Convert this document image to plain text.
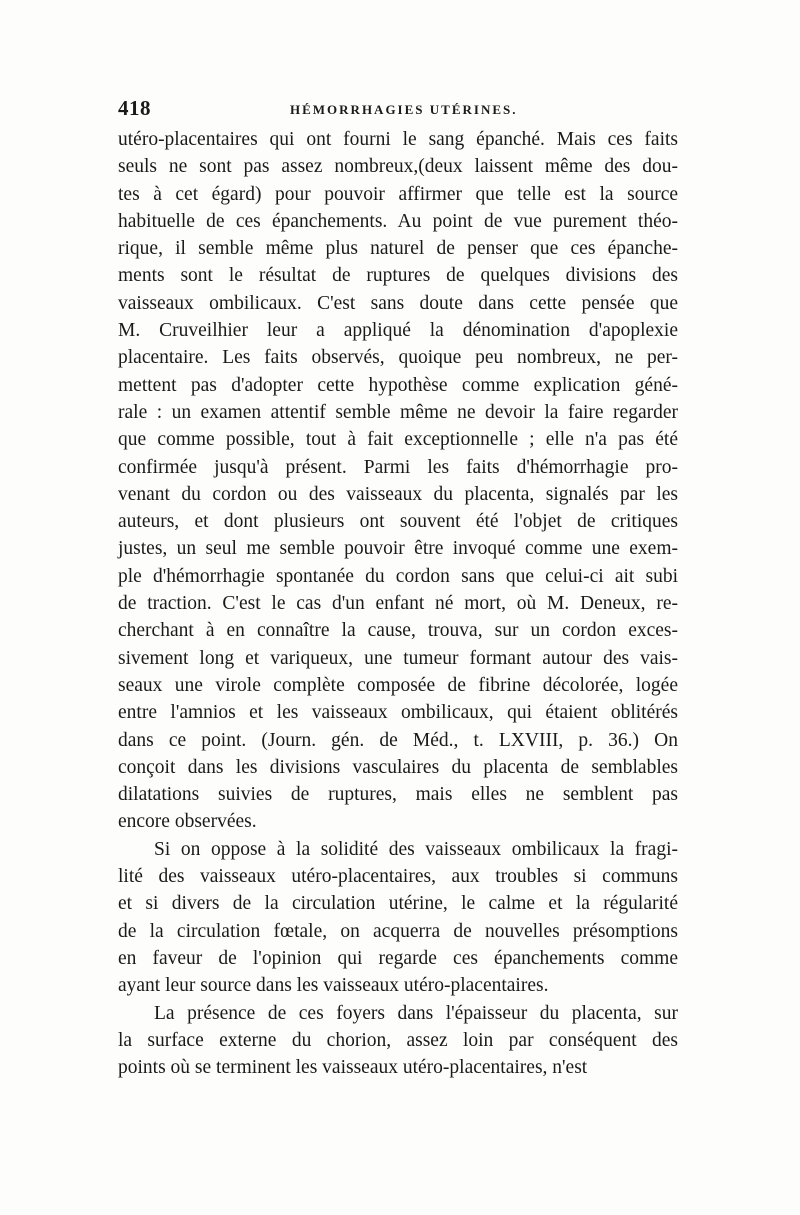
418	HÉMORRHAGIES UTÉRINES.
utéro-placentaires qui ont fourni le sang épanché. Mais ces faits
seuls ne sont pas assez nombreux,(deux laissent même des dou-
tes à cet égard) pour pouvoir affirmer que telle est la source
habituelle de ces épanchements. Au point de vue purement théo-
rique, il semble même plus naturel de penser que ces épanche-
ments sont le résultat de ruptures de quelques divisions des
vaisseaux ombilicaux. C'est sans doute dans cette pensée que
M. Cruveilhier leur a appliqué la dénomination d'apoplexie
placentaire. Les faits observés, quoique peu nombreux, ne per-
mettent pas d'adopter cette hypothèse comme explication géné-
rale : un examen attentif semble même ne devoir la faire regarder
que comme possible, tout à fait exceptionnelle ; elle n'a pas été
confirmée jusqu'à présent. Parmi les faits d'hémorrhagie pro-
venant du cordon ou des vaisseaux du placenta, signalés par les
auteurs, et dont plusieurs ont souvent été l'objet de critiques
justes, un seul me semble pouvoir être invoqué comme une exem-
ple d'hémorrhagie spontanée du cordon sans que celui-ci ait subi
de traction. C'est le cas d'un enfant né mort, où M. Deneux, re-
cherchant à en connaître la cause, trouva, sur un cordon exces-
sivement long et variqueux, une tumeur formant autour des vais-
seaux une virole complète composée de fibrine décolorée, logée
entre l'amnios et les vaisseaux ombilicaux, qui étaient oblitérés
dans ce point. (Journ. gén. de Méd., t. LXVIII, p. 36.) On
conçoit dans les divisions vasculaires du placenta de semblables
dilatations suivies de ruptures, mais elles ne semblent pas
encore observées.
Si on oppose à la solidité des vaisseaux ombilicaux la fragi-
lité des vaisseaux utéro-placentaires, aux troubles si communs
et si divers de la circulation utérine, le calme et la régularité
de la circulation fœtale, on acquerra de nouvelles présomptions
en faveur de l'opinion qui regarde ces épanchements comme
ayant leur source dans les vaisseaux utéro-placentaires.
La présence de ces foyers dans l'épaisseur du placenta, sur
la surface externe du chorion, assez loin par conséquent des
points où se terminent les vaisseaux utéro-placentaires, n'est
